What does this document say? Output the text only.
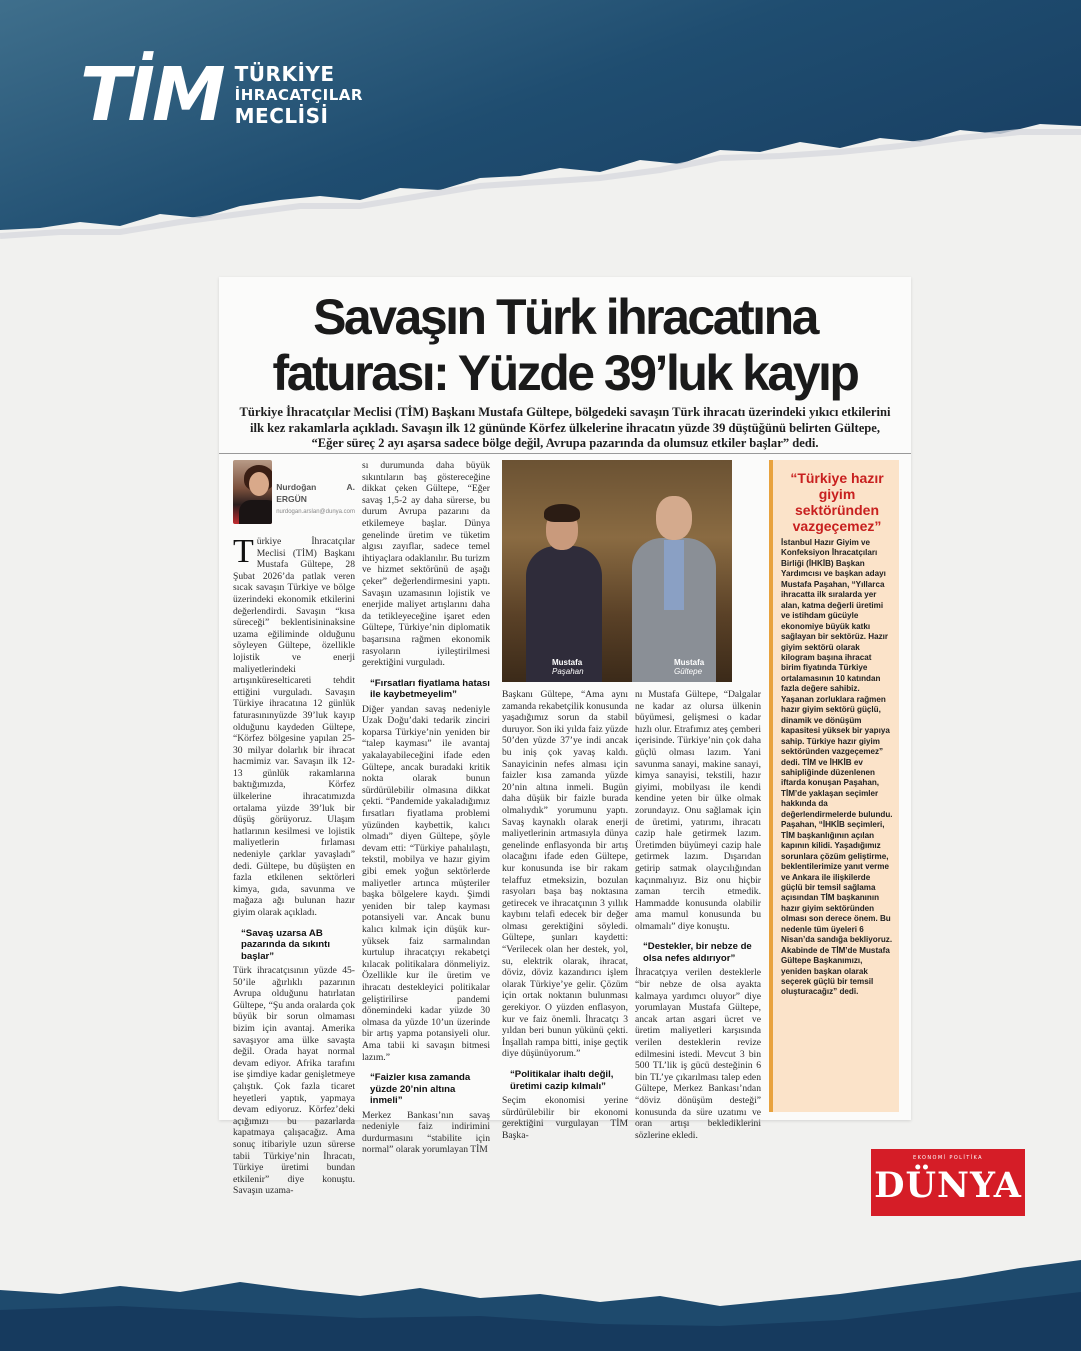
TİM TÜRKİYE
İHRACATÇILAR
MECLİSİ
Savaşın Türk ihracatına
faturası: Yüzde 39’luk kayıp
Türkiye İhracatçılar Meclisi (TİM) Başkanı Mustafa Gültepe, bölgedeki savaşın Türk ihracatı üzerindeki yıkıcı etkilerini ilk kez rakamlarla açıkladı. Savaşın ilk 12 gününde Körfez ülkelerine ihracatın yüzde 39 düştüğünü belirten Gültepe, “Eğer süreç 2 ayı aşarsa sadece bölge değil, Avrupa pazarında da olumsuz etkiler başlar” dedi.
Nurdoğan A. ERGÜN
nurdogan.arslan@dunya.com

Türkiye İhracatçılar Meclisi (TİM) Başkanı Mustafa Gültepe, 28 Şubat 2026’da patlak veren sıcak savaşın Türkiye ve bölge üzerindeki ekonomik etkilerini değerlendirdi. Savaşın “kısa süreceği” beklentisininaksine uzama eğiliminde olduğunu söyleyen Gültepe, özellikle lojistik ve enerji maliyetlerindeki artışınküreselticareti tehdit ettiğini vurguladı. Savaşın Türkiye ihracatına 12 günlük faturasınınyüzde 39’luk kayıp olduğunu kaydeden Gültepe, “Körfez bölgesine yapılan 25-30 milyar dolarlık bir ihracat hacmimiz var. Savaşın ilk 12-13 günlük rakamlarına baktığımızda, Körfez ülkelerine ihracatımızda ortalama yüzde 39’luk bir düşüş görüyoruz. Ulaşım hatlarının kesilmesi ve lojistik maliyetlerin fırlaması nedeniyle çarklar yavaşladı” dedi. Gültepe, bu düşüşten en fazla etkilenen sektörleri kimya, gıda, savunma ve mağaza ağı bulunan hazır giyim olarak açıkladı.

“Savaş uzarsa AB pazarında da sıkıntı başlar”

Türk ihracatçısının yüzde 45-50’ile ağırlıklı pazarının Avrupa olduğunu hatırlatan Gültepe, “Şu anda oralarda çok büyük bir sorun olmaması bizim için avantaj. Amerika savaşıyor ama ülke savaşta değil. Orada hayat normal devam ediyor. Afrika tarafını ise şimdiye kadar genişletmeye çalıştık. Çok fazla ticaret heyetleri yaptık, yapmaya devam ediyoruz. Körfez’deki açığımızı bu pazarlarda kapatmaya çalışacağız. Ama sonuç itibariyle uzun sürerse tabii Türkiye’nin İhracatı, Türkiye üretimi bundan etkilenir” diye konuştu. Savaşın uzama-

sı durumunda daha büyük sıkıntıların baş göstereceğine dikkat çeken Gültepe, “Eğer savaş 1,5-2 ay daha sürerse, bu durum Avrupa pazarını da etkilemeye başlar. Dünya genelinde üretim ve tüketim algısı zayıflar, sadece temel ihtiyaçlara odaklanılır. Bu turizm ve hizmet sektörünü de aşağı çeker” değerlendirmesini yaptı. Savaşın uzamasının lojistik ve enerjide maliyet artışlarını daha da tetikleyeceğine işaret eden Gültepe, Türkiye’nin diplomatik başarısına rağmen ekonomik rasyoların iyileştirilmesi gerektiğini vurguladı.

“Fırsatları fiyatlama hatası ile kaybetmeyelim”

Diğer yandan savaş nedeniyle Uzak Doğu’daki tedarik zinciri koparsa Türkiye’nin yeniden bir “talep kayması” ile avantaj yakalayabileceğini ifade eden Gültepe, ancak buradaki kritik nokta olarak bunun sürdürülebilir olmasına dikkat çekti. “Pandemide yakaladığımız fırsatları fiyatlama problemi yüzünden kaybettik, kalıcı olmadı” diyen Gültepe, şöyle devam etti: “Türkiye pahalılaştı, tekstil, mobilya ve hazır giyim gibi emek yoğun sektörlerde maliyetler artınca müşteriler başka bölgelere kaydı. Şimdi yeniden bir talep kayması potansiyeli var. Ancak bunu kalıcı kılmak için düşük kur-yüksek faiz sarmalından kurtulup ihracatçıyı rekabetçi kılacak politikalara dönmeliyiz. Özellikle kur ile üretim ve ihracatı destekleyici politikalar geliştirilirse pandemi dönemindeki kadar yüzde 30 olmasa da yüzde 10’un üzerinde bir artış yapma potansiyeli olur. Ama tabii ki savaşın bitmesi lazım.”

“Faizler kısa zamanda yüzde 20’nin altına inmeli”

Merkez Bankası’nın savaş nedeniyle faiz indirimini durdurmasını “stabilite için normal” olarak yorumlayan TİM

Mustafa
Paşahan
Mustafa
Gültepe

Başkanı Gültepe, “Ama aynı zamanda rekabetçilik konusunda yaşadığımız sorun da stabil duruyor. Son iki yılda faiz yüzde 50’den yüzde 37’ye indi ancak bu iniş çok yavaş kaldı. Sanayicinin nefes alması için faizler kısa zamanda yüzde 20’nin altına inmeli. Bugün daha düşük bir faizle burada olmalıydık” yorumunu yaptı. Savaş kaynaklı olarak enerji maliyetlerinin artmasıyla dünya genelinde enflasyonda bir artış olacağını ifade eden Gültepe, kur konusunda ise bir rakam telaffuz etmeksizin, bozulan rasyoları başa baş noktasına getirecek ve ihracatçının 3 yıllık kaybını telafi edecek bir değer olması gerektiğini söyledi. Gültepe, şunları kaydetti: “Verilecek olan her destek, yol, su, elektrik olarak, ihracat, döviz, döviz kazandırıcı işlem olarak Türkiye’ye gelir. Çözüm için ortak noktanın bulunması gerekiyor. O yüzden enflasyon, kur ve faiz önemli. İhracatçı 3 yıldan beri bunun yükünü çekti. İnşallah rampa bitti, inişe geçtik diye düşünüyorum.”

“Politikalar ihaltı değil, üretimi cazip kılmalı”

Seçim ekonomisi yerine sürdürülebilir bir ekonomi gerektiğini vurgulayan TİM Başka-

nı Mustafa Gültepe, “Dalgalar ne kadar az olursa ülkenin büyümesi, gelişmesi o kadar hızlı olur. Etrafımız ateş çemberi içerisinde. Türkiye’nin çok daha güçlü olması lazım. Yani savunma sanayi, makine sanayi, kimya sanayisi, tekstili, hazır giyimi, mobilyası ile kendi kendine yeten bir ülke olmak zorundayız. Onu sağlamak için de üretimi, yatırımı, ihracatı cazip hale getirmek lazım. Üretimden büyümeyi cazip hale getirmek lazım. Dışarıdan getirip satmak olaycılığından kaçınmalıyız. Biz onu hiçbir zaman tercih etmedik. Hammadde konusunda olabilir ama mamul konusunda bu olmamalı” diye konuştu.

“Destekler, bir nebze de olsa nefes aldırıyor”

İhracatçıya verilen desteklerle “bir nebze de olsa ayakta kalmaya yardımcı oluyor” diye yorumlayan Mustafa Gültepe, ancak artan asgari ücret ve üretim maliyetleri karşısında verilen desteklerin revize edilmesini istedi. Mevcut 3 bin 500 TL’lik iş gücü desteğinin 6 bin TL’ye çıkarılması talep eden Gültepe, Merkez Bankası’ndan “döviz dönüşüm desteği” konusunda da süre uzatımı ve oran artışı beklediklerini sözlerine ekledi.

“Türkiye hazır giyim sektöründen vazgeçemez”
İstanbul Hazır Giyim ve Konfeksiyon İhracatçıları Birliği (İHKİB) Başkan Yardımcısı ve başkan adayı Mustafa Paşahan, “Yıllarca ihracatta ilk sıralarda yer alan, katma değerli üretimi ve istihdam gücüyle ekonomiye büyük katkı sağlayan bir sektörüz. Hazır giyim sektörü olarak kilogram başına ihracat birim fiyatında Türkiye ortalamasının 10 katından fazla değere sahibiz. Yaşanan zorluklara rağmen hazır giyim sektörü güçlü, dinamik ve dönüşüm kapasitesi yüksek bir yapıya sahip. Türkiye hazır giyim sektöründen vazgeçemez” dedi. TİM ve İHKİB ev sahipliğinde düzenlenen iftarda konuşan Paşahan, TİM’de yaklaşan seçimler hakkında da değerlendirmelerde bulundu. Paşahan, “İHKİB seçimleri, TİM başkanlığının açılan kapının kilidi. Yaşadığımız sorunlara çözüm geliştirme, beklentilerimize yanıt verme ve Ankara ile ilişkilerde güçlü bir temsil sağlama açısından TİM başkanının hazır giyim sektöründen olması son derece önem. Bu nedenle tüm üyeleri 6 Nisan’da sandığa bekliyoruz. Akabinde de TİM’de Mustafa Gültepe Başkanımızı, yeniden başkan olarak seçerek güçlü bir temsil oluşturacağız” dedi.
EKONOMİ POLİTİKA
DÜNYA
